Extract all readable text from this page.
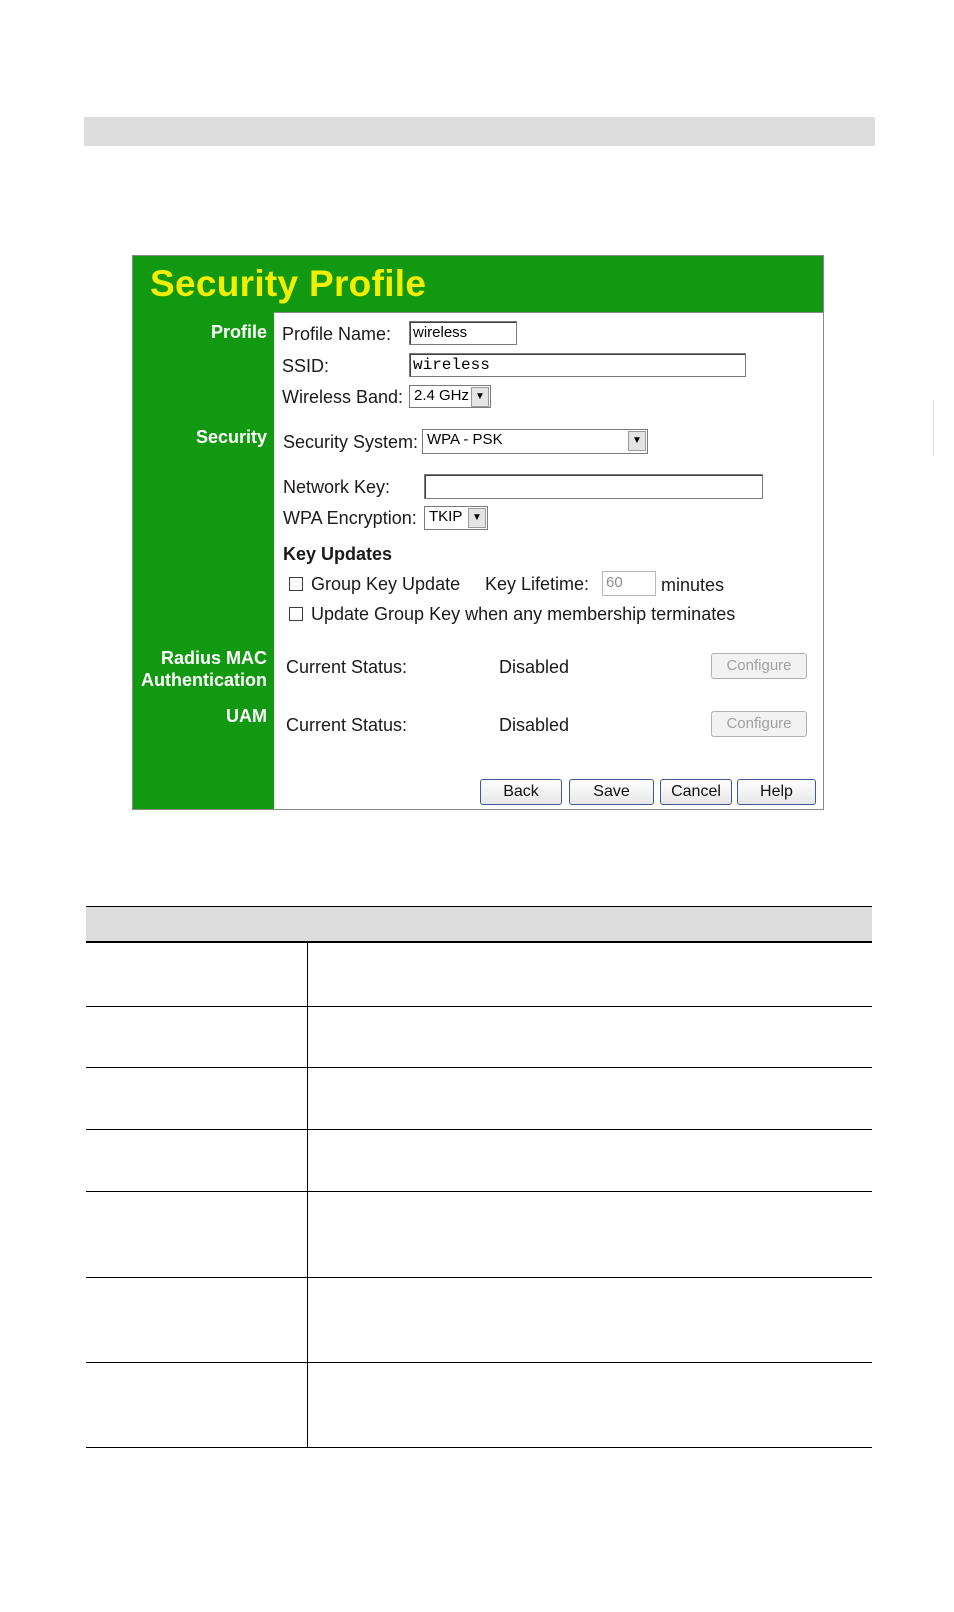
Security Profile
Profile
Security
Radius MAC
Authentication
UAM
Profile Name: wireless
SSID:	wireless
Wireless Band: 2.4 GHz ▼
Security System: WPA - PSK	▼
Network Key:
WPA Encryption: TKIP ▼
Key Updates
Group Key Update Key Lifetime: 60	minutes
Update Group Key when any membership terminates
Current Status:	Disabled	Configure
Current Status:	Disabled	Configure
Back	Save	Cancel	Help
